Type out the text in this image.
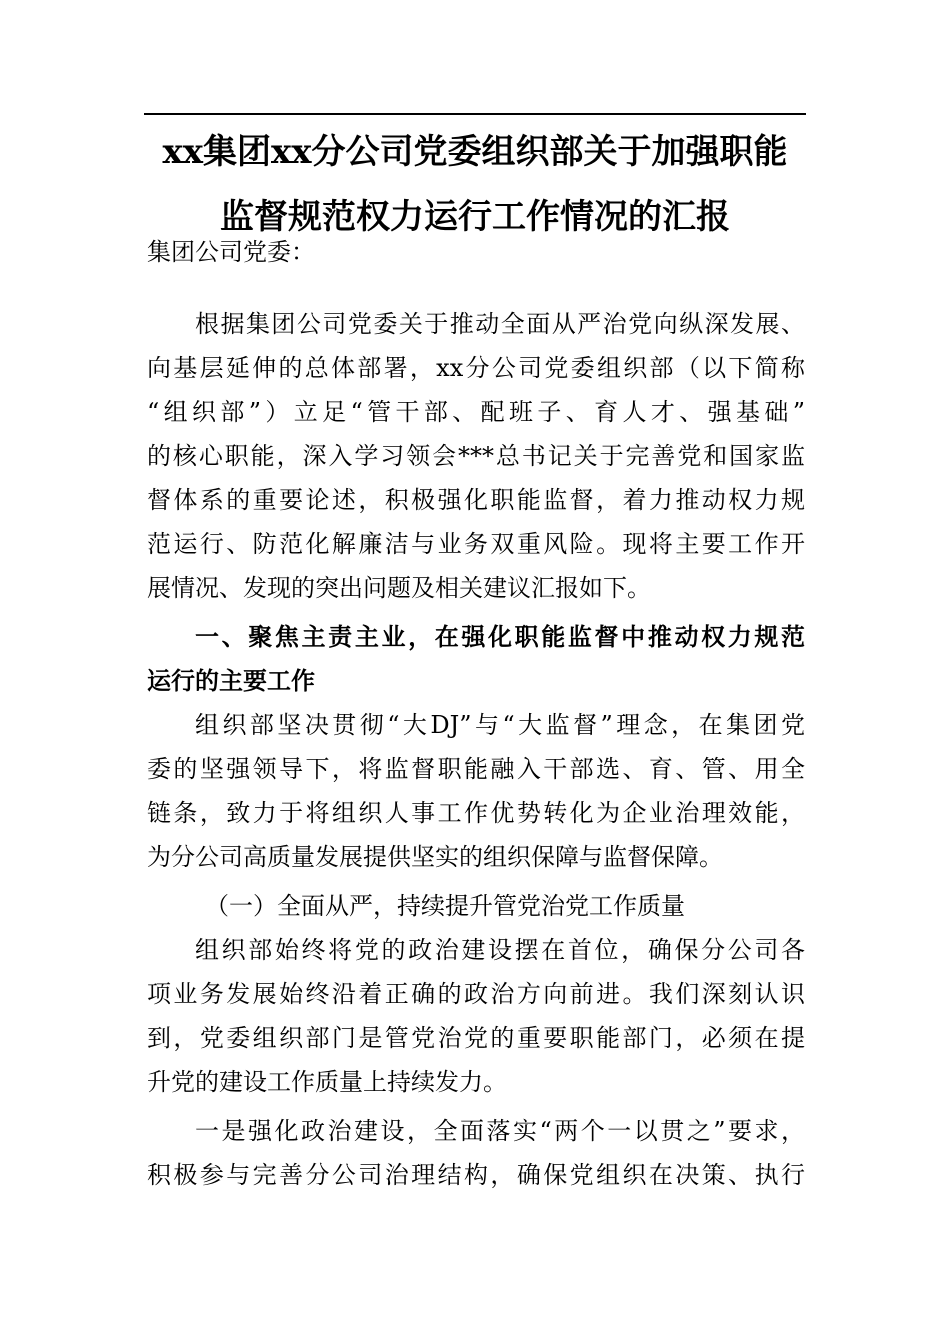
xx集团xx分公司党委组织部关于加强职能
监督规范权力运行工作情况的汇报
集团公司党委：
根据集团公司党委关于推动全面从严治党向纵深发展、
向基层延伸的总体部署，xx分公司党委组织部（以下简称
“组织部”）立足“管干部、配班子、育人才、强基础”
的核心职能，深入学习领会***总书记关于完善党和国家监
督体系的重要论述，积极强化职能监督，着力推动权力规
范运行、防范化解廉洁与业务双重风险。现将主要工作开
展情况、发现的突出问题及相关建议汇报如下。
一、聚焦主责主业，在强化职能监督中推动权力规范
运行的主要工作
组织部坚决贯彻“大DJ”与“大监督”理念，在集团党
委的坚强领导下，将监督职能融入干部选、育、管、用全
链条，致力于将组织人事工作优势转化为企业治理效能，
为分公司高质量发展提供坚实的组织保障与监督保障。
（一）全面从严，持续提升管党治党工作质量
组织部始终将党的政治建设摆在首位，确保分公司各
项业务发展始终沿着正确的政治方向前进。我们深刻认识
到，党委组织部门是管党治党的重要职能部门，必须在提
升党的建设工作质量上持续发力。
一是强化政治建设，全面落实“两个一以贯之”要求，
积极参与完善分公司治理结构，确保党组织在决策、执行
